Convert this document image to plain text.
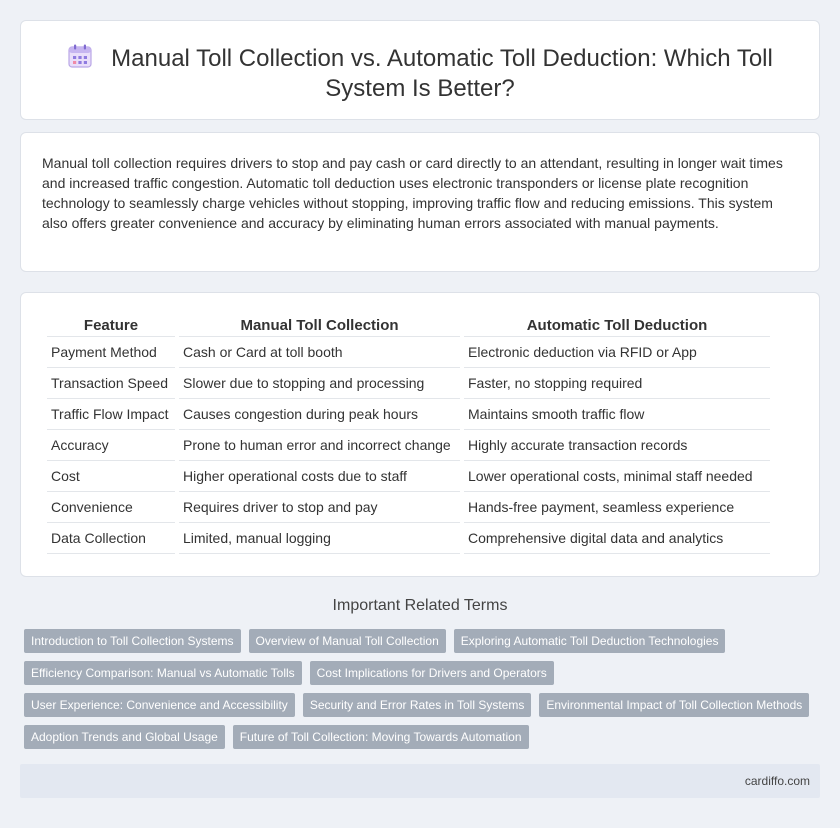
Manual Toll Collection vs. Automatic Toll Deduction: Which Toll System Is Better?

Manual toll collection requires drivers to stop and pay cash or card directly to an attendant, resulting in longer wait times and increased traffic congestion. Automatic toll deduction uses electronic transponders or license plate recognition technology to seamlessly charge vehicles without stopping, improving traffic flow and reducing emissions. This system also offers greater convenience and accuracy by eliminating human errors associated with manual payments.

Feature	Manual Toll Collection	Automatic Toll Deduction
Payment Method	Cash or Card at toll booth	Electronic deduction via RFID or App
Transaction Speed	Slower due to stopping and processing	Faster, no stopping required
Traffic Flow Impact	Causes congestion during peak hours	Maintains smooth traffic flow
Accuracy	Prone to human error and incorrect change	Highly accurate transaction records
Cost	Higher operational costs due to staff	Lower operational costs, minimal staff needed
Convenience	Requires driver to stop and pay	Hands-free payment, seamless experience
Data Collection	Limited, manual logging	Comprehensive digital data and analytics
Important Related Terms
Introduction to Toll Collection Systems	Overview of Manual Toll Collection	Exploring Automatic Toll Deduction Technologies
Efficiency Comparison: Manual vs Automatic Tolls	Cost Implications for Drivers and Operators
User Experience: Convenience and Accessibility	Security and Error Rates in Toll Systems	Environmental Impact of Toll Collection Methods
Adoption Trends and Global Usage	Future of Toll Collection: Moving Towards Automation
cardiffo.com
